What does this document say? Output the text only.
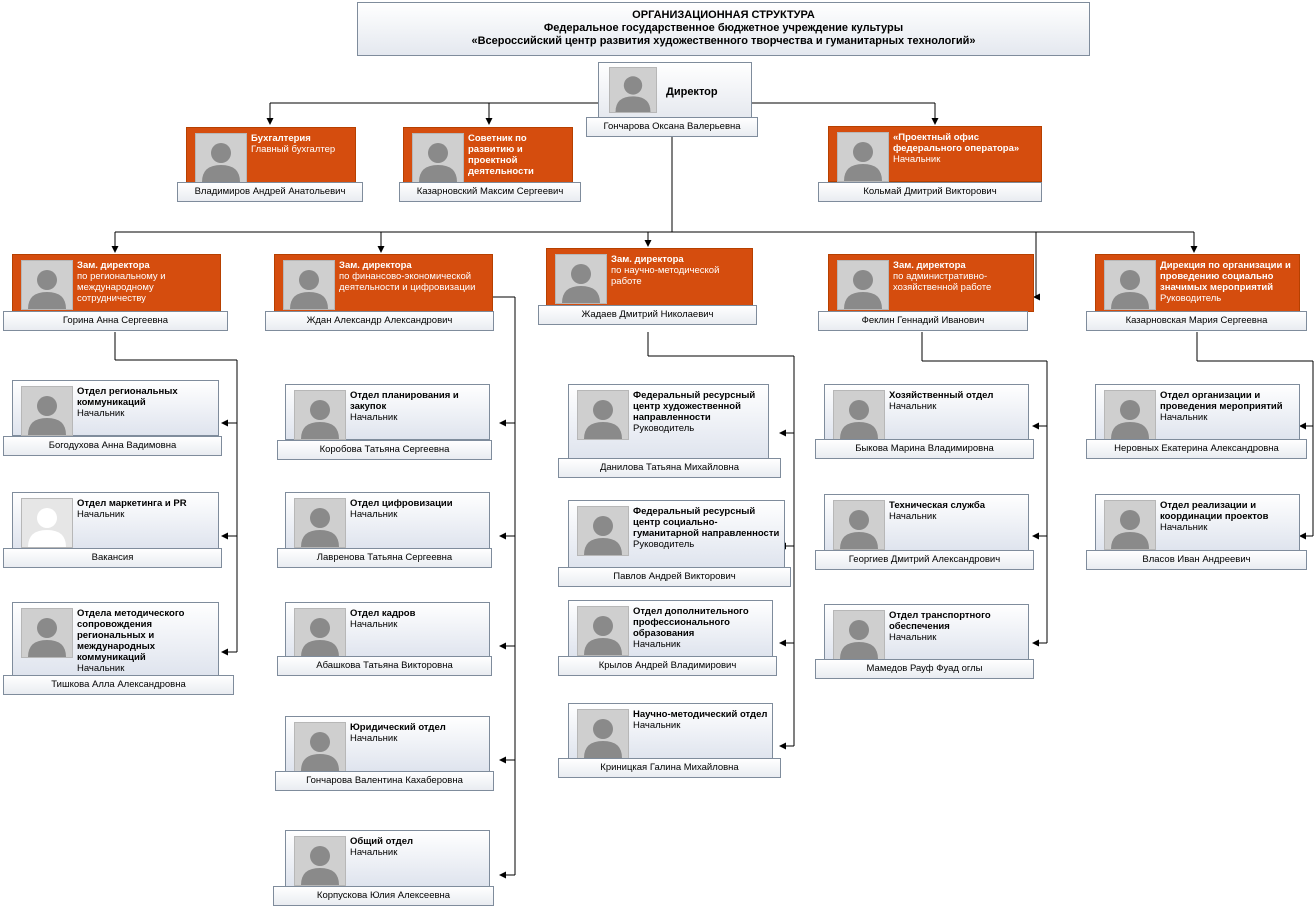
ОРГАНИЗАЦИОННАЯ СТРУКТУРА
Федеральное государственное бюджетное учреждение культуры
«Всероссийский центр развития художественного творчества и гуманитарных технологий»
Директор
Гончарова Оксана Валерьевна
Бухгалтерия
Главный бухгалтер
Владимиров Андрей Анатольевич
Советник по развитию и проектной деятельности
Казарновский Максим Сергеевич
«Проектный офис федерального оператора»
Начальник
Кольмай Дмитрий Викторович
Зам. директора
по региональному и международному сотрудничеству
Горина Анна Сергеевна
Зам. директора
по финансово-экономической деятельности и цифровизации
Ждан Александр Александрович
Зам. директора
по научно-методической работе
Жадаев Дмитрий Николаевич
Зам. директора
по административно-хозяйственной работе
Феклин Геннадий Иванович
Дирекция по организации и проведению социально значимых мероприятий
Руководитель
Казарновская Мария Сергеевна
Отдел региональных коммуникаций
Начальник
Богодухова Анна Вадимовна
Отдел маркетинга и PR
Начальник
Вакансия
Отдела методического сопровождения региональных и международных коммуникаций
Начальник
Тишкова Алла Александровна
Отдел планирования и закупок
Начальник
Коробова Татьяна Сергеевна
Отдел цифровизации
Начальник
Лавренова Татьяна Сергеевна
Отдел кадров
Начальник
Абашкова Татьяна Викторовна
Юридический отдел
Начальник
Гончарова Валентина Кахаберовна
Общий отдел
Начальник
Корпускова Юлия Алексеевна
Федеральный ресурсный центр художественной направленности
Руководитель
Данилова Татьяна Михайловна
Федеральный ресурсный центр социально-гуманитарной направленности
Руководитель
Павлов Андрей Викторович
Отдел дополнительного профессионального образования
Начальник
Крылов Андрей Владимирович
Научно-методический отдел
Начальник
Криницкая Галина Михайловна
Хозяйственный отдел
Начальник
Быкова Марина Владимировна
Техническая служба
Начальник
Георгиев Дмитрий Александрович
Отдел транспортного обеспечения
Начальник
Мамедов Рауф Фуад оглы
Отдел организации и проведения мероприятий
Начальник
Неровных Екатерина Александровна
Отдел реализации и координации проектов
Начальник
Власов Иван Андреевич
